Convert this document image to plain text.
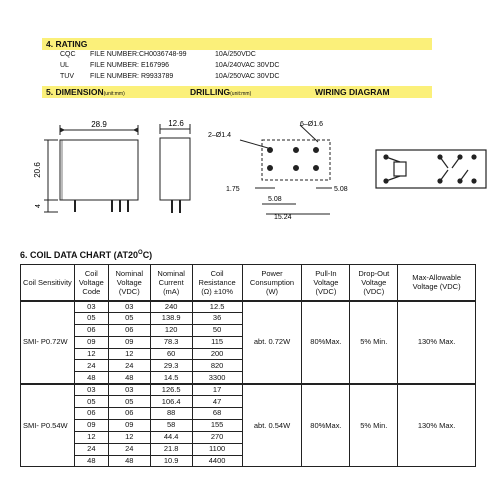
4. RATING
CQC FILE NUMBER:CH0036748-99	10A/250VDC
UL	FILE NUMBER: E167996	10A/240VAC 30VDC
TUV FILE NUMBER: R9933789	10A/250VAC 30VDC
5. DIMENSION(unit:mm)	DRILLING(unit:mm)	WIRING DIAGRAM
28.9
20.6
4
12.6
2–Ø1.4
6–Ø1.6
1.75
5.08
5.08
15.24
6. COIL DATA CHART $(AT20^OC)$
Coil Sensitivity	Coil Voltage Code	Nominal Voltage (VDC)	Nominal Current (mA)	Coil Resistance (Ω) ±10%	Power Consumption (W)	Pull-In Voltage (VDC)	Drop-Out Voltage (VDC)	Max-Allowable Voltage (VDC)
SMI- P0.72W	03	03	240	12.5	abt. 0.72W	80%Max.	5% Min.	130% Max.
	05	05	138.9	36				
	06	06	120	50				
	09	09	78.3	115				
	12	12	60	200				
	24	24	29.3	820				
	48	48	14.5	3300				
SMI- P0.54W	03	03	126.5	17	abt. 0.54W	80%Max.	5% Min.	130% Max.
	05	05	106.4	47				
	06	06	88	68				
	09	09	58	155				
	12	12	44.4	270				
	24	24	21.8	1100				
	48	48	10.9	4400				
